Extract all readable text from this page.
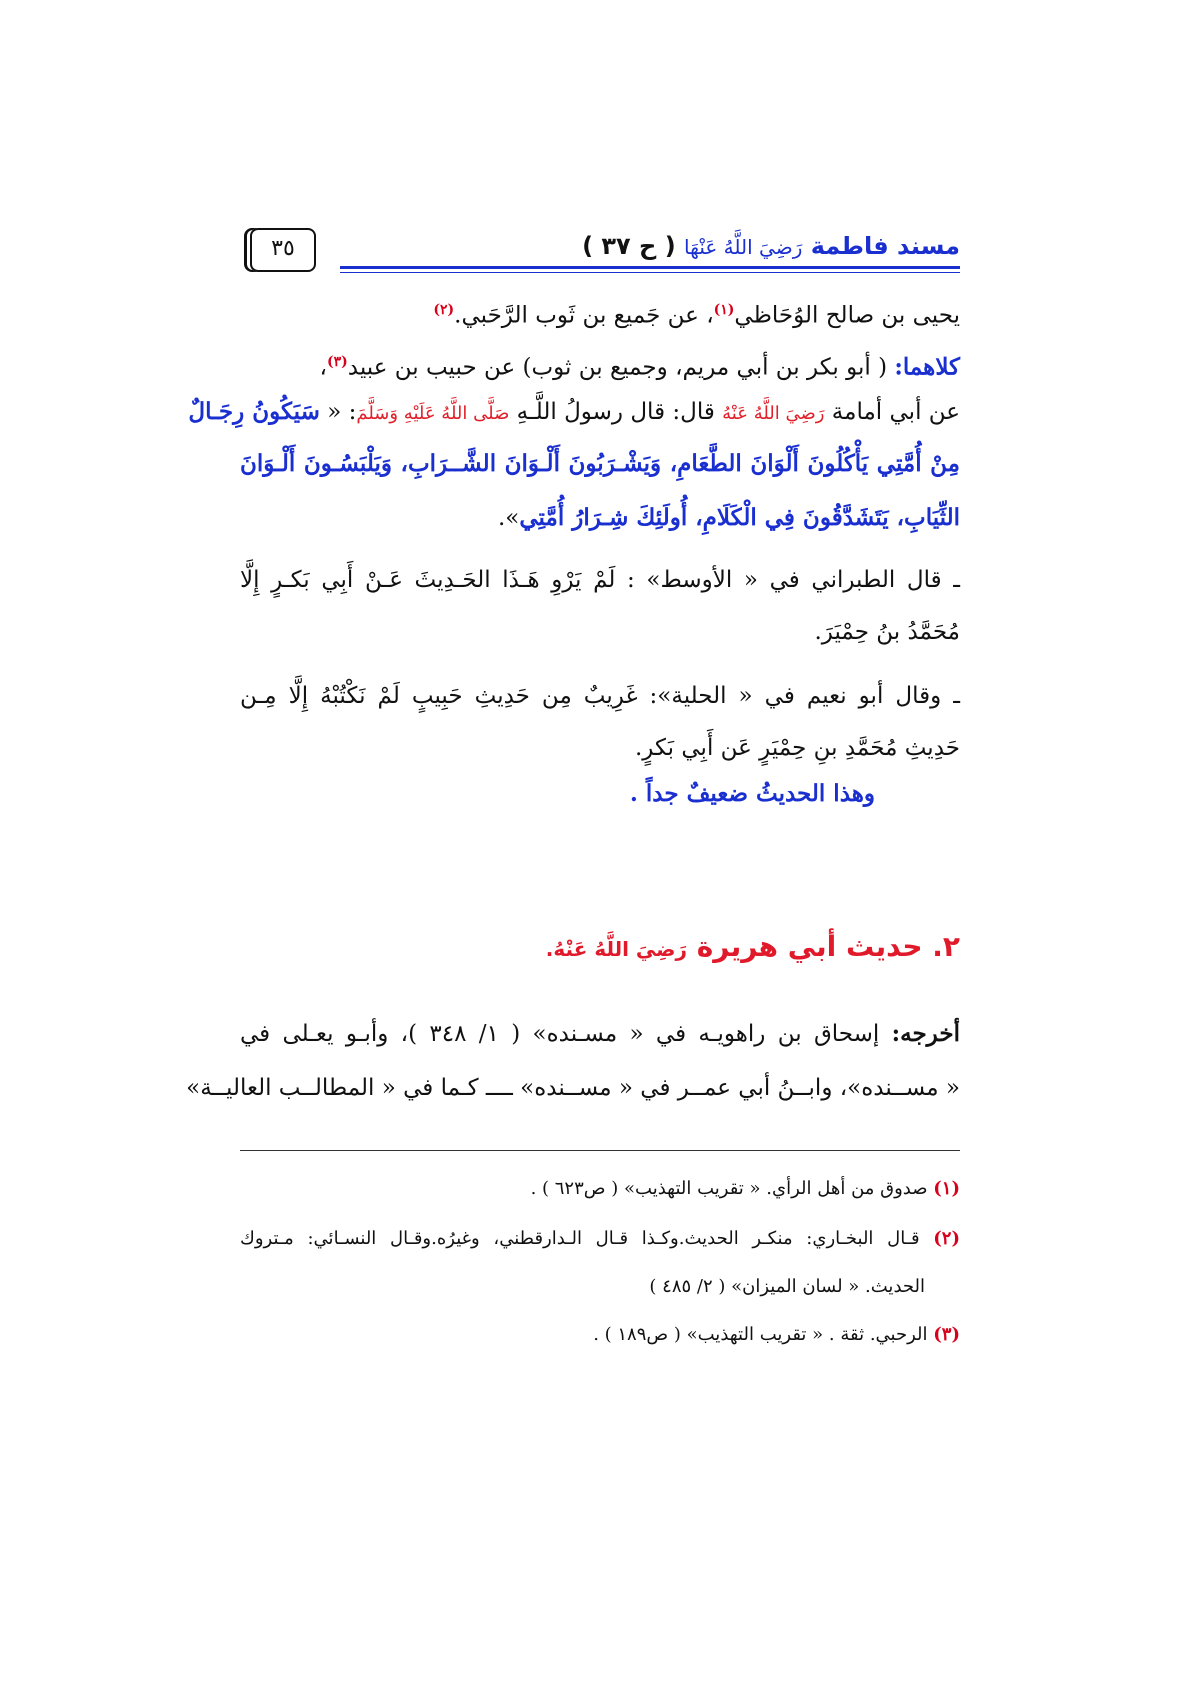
مسند فاطمة رَضِيَ اللَّهُ عَنْهَا ( ح ٣٧ )
٣٥
يحيى بن صالح الوُحَاظي$^{(١)}$، عن جَميع بن ثَوب الرَّحَبي.$^{(٢)}$
كلاهما: ( أبو بكر بن أبي مريم، وجميع بن ثوب) عن حبيب بن عبيد$^{(٣)}$،
عن أبي أمامة رَضِيَ اللَّهُ عَنْهُ قال: قال رسولُ اللَّـهِ صَلَّى اللَّهُ عَلَيْهِ وَسَلَّمَ: « سَيَكُونُ رِجَـالٌ
مِنْ أُمَّتِي يَأْكُلُونَ أَلْوَانَ الطَّعَامِ، وَيَشْـرَبُونَ أَلْـوَانَ الشَّــرَابِ، وَيَلْبَسُـونَ أَلْـوَانَ
الثِّيَابِ، يَتَشَدَّقُونَ فِي الْكَلَامِ، أُولَئِكَ شِـرَارُ أُمَّتِي».
ـ قال الطبراني في « الأوسط» : لَمْ يَرْوِ هَـذَا الحَـدِيثَ عَـنْ أَبِي بَكـرٍ إِلَّا
مُحَمَّدُ بنُ حِمْيَرَ.
ـ وقال أبو نعيم في « الحلية»: غَرِيبٌ مِن حَدِيثِ حَبِيبٍ لَمْ نَكْتُبْهُ إِلَّا مِـن
حَدِيثِ مُحَمَّدِ بنِ حِمْيَرٍ عَن أَبِي بَكرٍ.
وهذا الحديثُ ضعيفٌ جداً .
٢. حديث أبي هريرة رَضِيَ اللَّهُ عَنْهُ.
أخرجه: إسحاق بن راهويـه في « مسـنده» ( ١/ ٣٤٨ )، وأبـو يعـلى في
« مســنده»، وابــنُ أبي عمــر في « مســنده» ــــ كـما في « المطالــب العاليــة»
(١) صدوق من أهل الرأي. « تقريب التهذيب» ( ص٦٢٣ ) .
(٢) قـال البخـاري: منكـر الحديث.وكـذا قـال الـدارقطني، وغيرُه.وقـال النسـائي: مـتروك
الحديث. « لسان الميزان» ( ٢/ ٤٨٥ )
(٣) الرحبي. ثقة . « تقريب التهذيب» ( ص١٨٩ ) .
